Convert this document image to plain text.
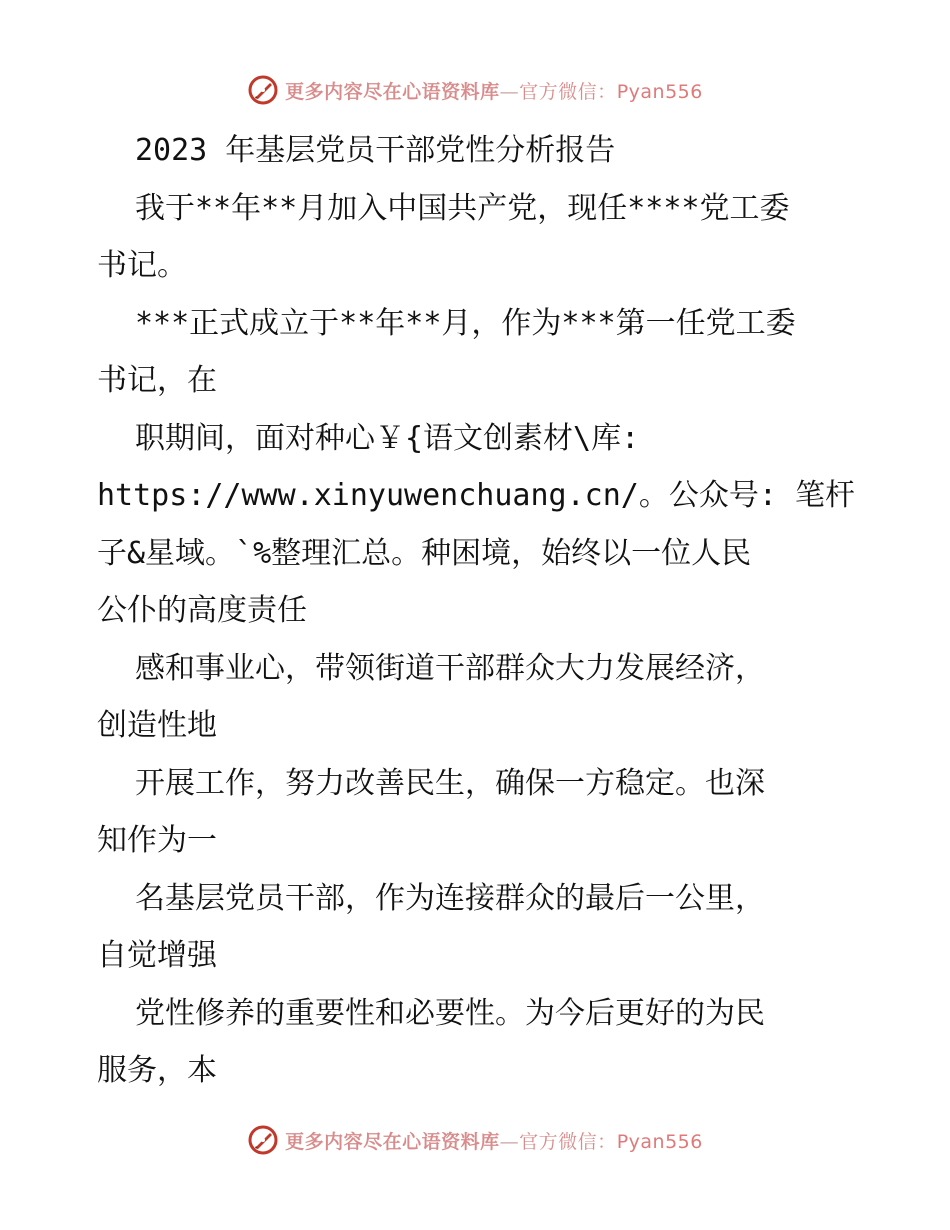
更多内容尽在心语资料库—官方微信：Pyan556
2023 年基层党员干部党性分析报告
我于**年**月加入中国共产党，现任****党工委
书记。
***正式成立于**年**月，作为***第一任党工委
书记，在
职期间，面对种心￥{语文创素材\库:
https://www.xinyuwenchuang.cn/。公众号: 笔杆
子&星域。`%整理汇总。种困境，始终以一位人民
公仆的高度责任
感和事业心，带领街道干部群众大力发展经济，
创造性地
开展工作，努力改善民生，确保一方稳定。也深
知作为一
名基层党员干部，作为连接群众的最后一公里，
自觉增强
党性修养的重要性和必要性。为今后更好的为民
服务，本
更多内容尽在心语资料库—官方微信：Pyan556
